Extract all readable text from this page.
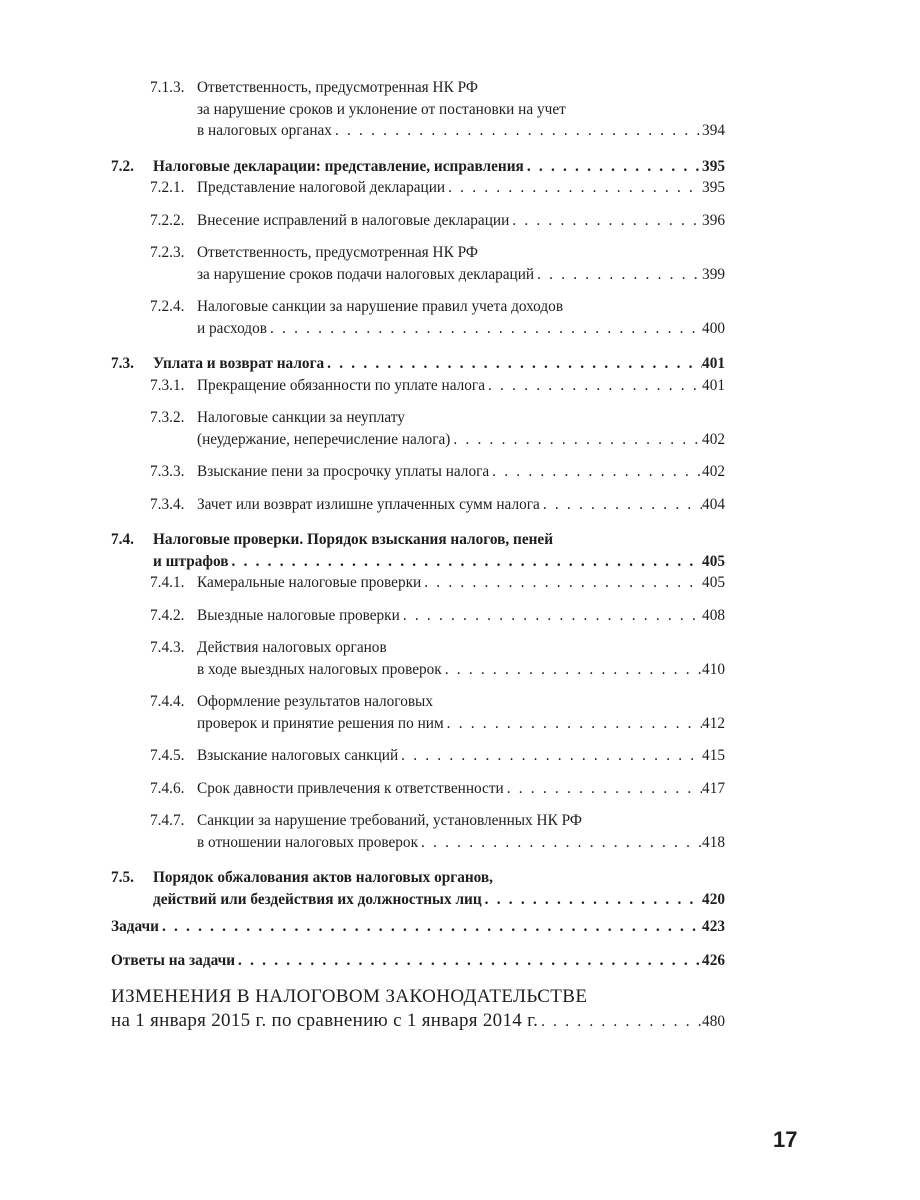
7.1.3. Ответственность, предусмотренная НК РФ
за нарушение сроков и уклонение от постановки на учет
в налоговых органах . . .	394
7.2.	Налоговые декларации: представление, исправления . . .	395
7.2.1. Представление налоговой декларации . . .	395
7.2.2. Внесение исправлений в налоговые декларации . . .	396
7.2.3. Ответственность, предусмотренная НК РФ
за нарушение сроков подачи налоговых деклараций . . .	399
7.2.4. Налоговые санкции за нарушение правил учета доходов
и расходов . . .	400
7.3.	Уплата и возврат налога . . .	401
7.3.1. Прекращение обязанности по уплате налога . . .	401
7.3.2. Налоговые санкции за неуплату
(неудержание, неперечисление налога) . . .	402
7.3.3. Взыскание пени за просрочку уплаты налога . . .	402
7.3.4. Зачет или возврат излишне уплаченных сумм налога . . .	404
7.4.	Налоговые проверки. Порядок взыскания налогов, пеней
и штрафов . . .	405
7.4.1. Камеральные налоговые проверки . . .	405
7.4.2. Выездные налоговые проверки . . .	408
7.4.3. Действия налоговых органов
в ходе выездных налоговых проверок . . .	410
7.4.4. Оформление результатов налоговых
проверок и принятие решения по ним . . .	412
7.4.5. Взыскание налоговых санкций . . .	415
7.4.6. Срок давности привлечения к ответственности . . .	417
7.4.7. Санкции за нарушение требований, установленных НК РФ
в отношении налоговых проверок . . .	418
7.5.	Порядок обжалования актов налоговых органов,
действий или бездействия их должностных лиц . . .	420
Задачи . . .	423
Ответы на задачи . . .	426
ИЗМЕНЕНИЯ В НАЛОГОВОМ ЗАКОНОДАТЕЛЬСТВЕ
на 1 января 2015 г. по сравнению с 1 января 2014 г. . . .	480
17
